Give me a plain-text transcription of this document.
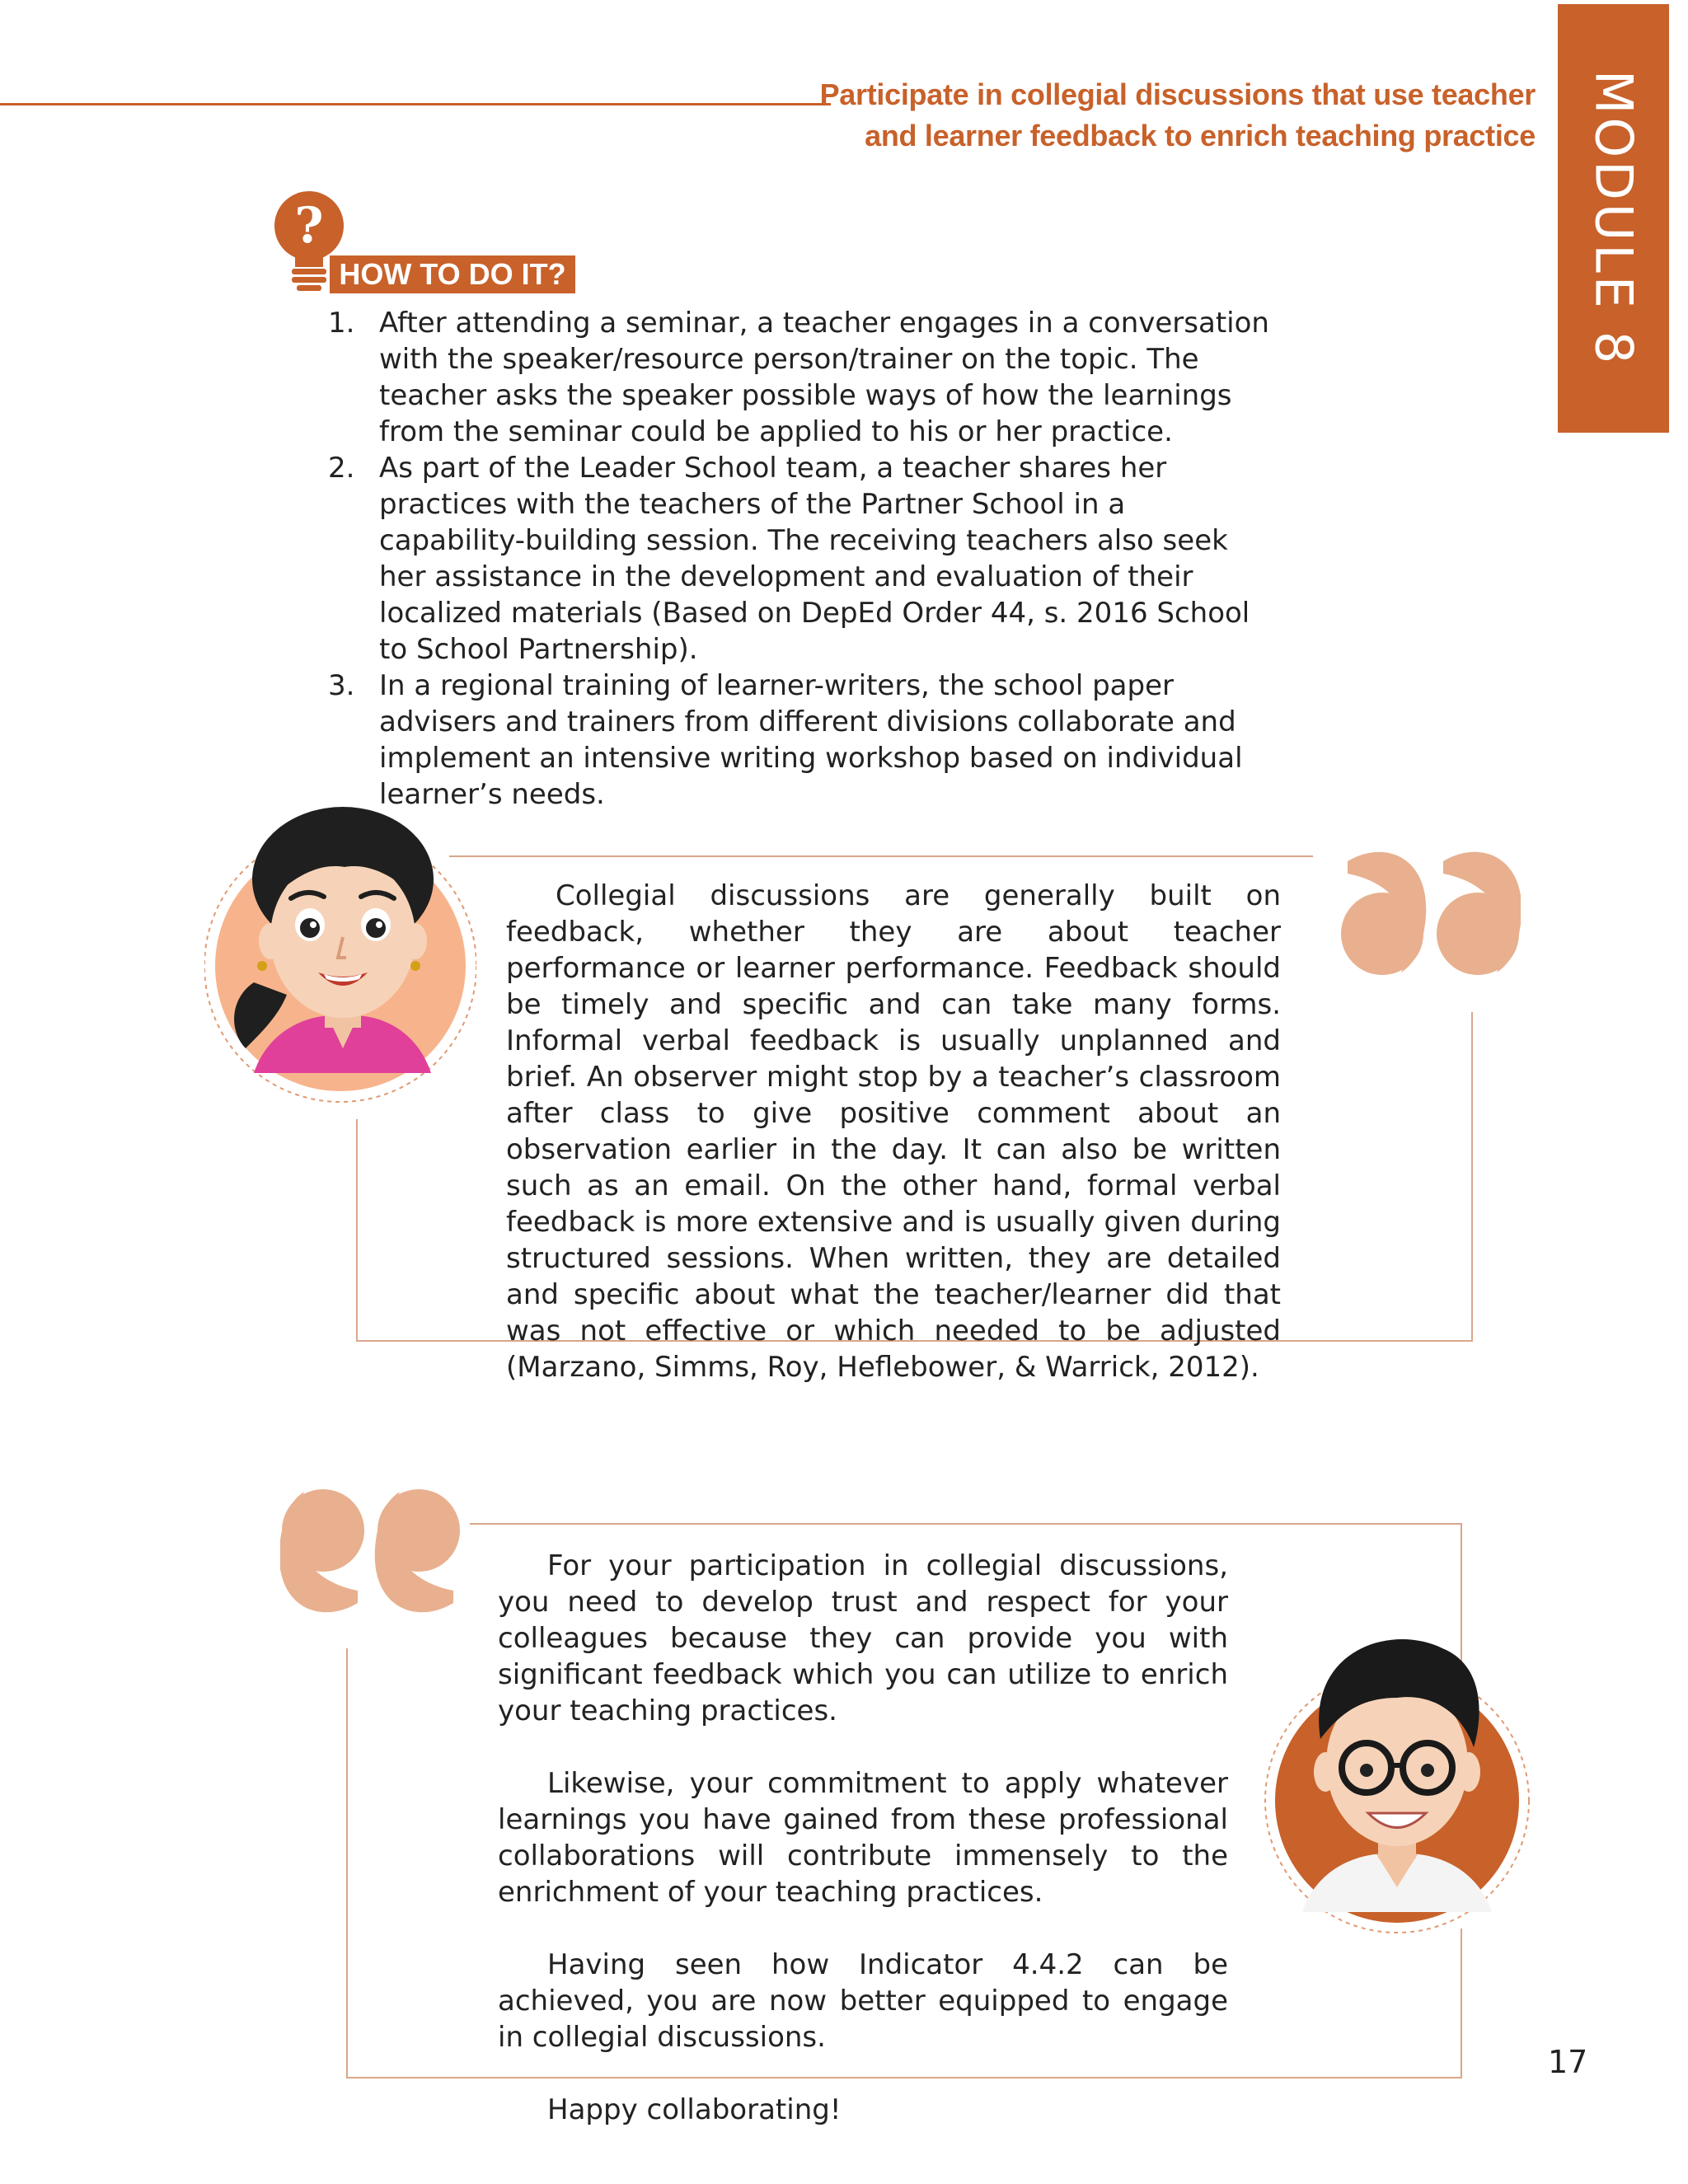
Participate in collegial discussions that use teacher
and learner feedback to enrich teaching practice MODULE 8
?
HOW TO DO IT?
1. After attending a seminar, a teacher engages in a conversation with the speaker/resource person/trainer on the topic. The teacher asks the speaker possible ways of how the learnings from the seminar could be applied to his or her practice.
2. As part of the Leader School team, a teacher shares her practices with the teachers of the Partner School in a capability-building session. The receiving teachers also seek her assistance in the development and evaluation of their localized materials (Based on DepEd Order 44, s. 2016 School to School Partnership).
3. In a regional training of learner-writers, the school paper advisers and trainers from different divisions collaborate and implement an intensive writing workshop based on individual learner’s needs.

Collegial discussions are generally built on feedback, whether they are about teacher performance or learner performance. Feedback should be timely and specific and can take many forms. Informal verbal feedback is usually unplanned and brief. An observer might stop by a teacher’s classroom after class to give positive comment about an observation earlier in the day. It can also be written such as an email. On the other hand, formal verbal feedback is more extensive and is usually given during structured sessions. When written, they are detailed and specific about what the teacher/learner did that was not effective or which needed to be adjusted (Marzano, Simms, Roy, Heflebower, & Warrick, 2012).

For your participation in collegial discussions, you need to develop trust and respect for your colleagues because they can provide you with significant feedback which you can utilize to enrich your teaching practices.

Likewise, your commitment to apply whatever learnings you have gained from these professional collaborations will contribute immensely to the enrichment of your teaching practices.

Having seen how Indicator 4.4.2 can be achieved, you are now better equipped to engage in collegial discussions.

Happy collaborating!

17
